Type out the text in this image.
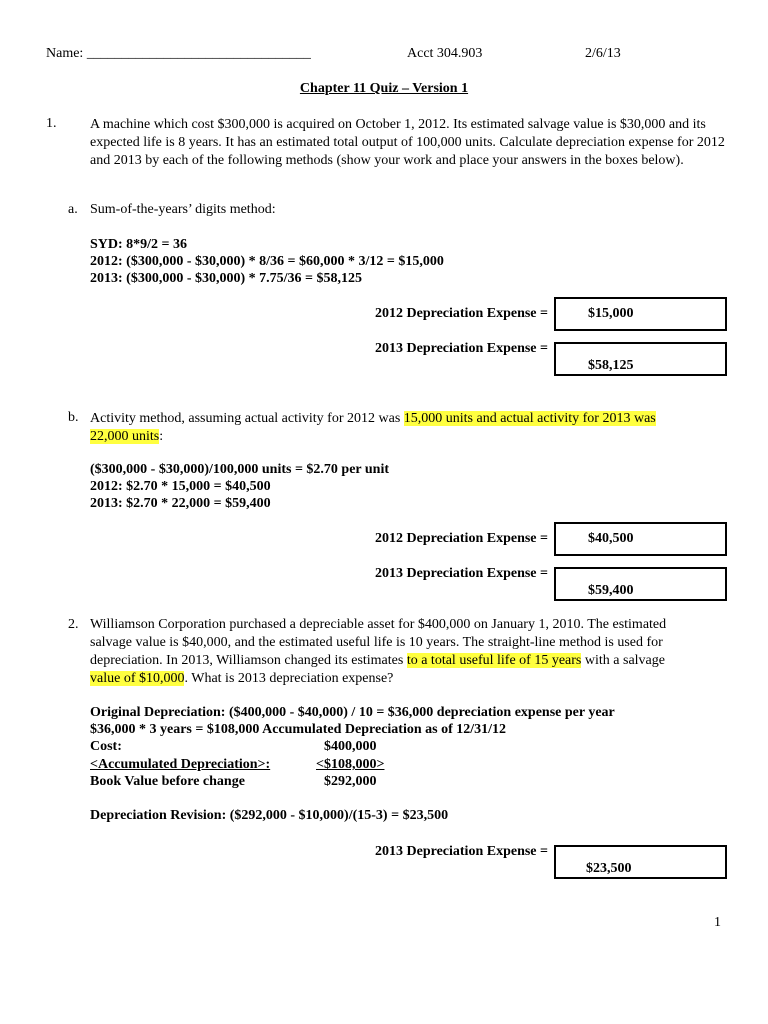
Name: ________________________________	Acct 304.903	2/6/13
Chapter 11 Quiz – Version 1
1. A machine which cost $300,000 is acquired on October 1, 2012. Its estimated salvage value is $30,000 and its expected life is 8 years. It has an estimated total output of 100,000 units. Calculate depreciation expense for 2012 and 2013 by each of the following methods (show your work and place your answers in the boxes below).
a. Sum-of-the-years’ digits method:
SYD: 8*9/2 = 36
2012: ($300,000 - $30,000) * 8/36 = $60,000 * 3/12 = $15,000
2013: ($300,000 - $30,000) * 7.75/36 = $58,125
2012 Depreciation Expense =	$15,000
2013 Depreciation Expense =
$58,125
b. Activity method, assuming actual activity for 2012 was 15,000 units and actual activity for 2013 was
22,000 units:
($300,000 - $30,000)/100,000 units = $2.70 per unit
2012: $2.70 * 15,000 = $40,500
2013: $2.70 * 22,000 = $59,400
2012 Depreciation Expense =	$40,500
2013 Depreciation Expense =
$59,400
2. Williamson Corporation purchased a depreciable asset for $400,000 on January 1, 2010. The estimated
salvage value is $40,000, and the estimated useful life is 10 years. The straight-line method is used for
depreciation. In 2013, Williamson changed its estimates to a total useful life of 15 years with a salvage
value of $10,000. What is 2013 depreciation expense?
Original Depreciation: ($400,000 - $40,000) / 10 = $36,000 depreciation expense per year
$36,000 * 3 years = $108,000 Accumulated Depreciation as of 12/31/12
Cost:	$400,000
<Accumulated Depreciation>:	<$108,000>
Book Value before change	$292,000
Depreciation Revision: ($292,000 - $10,000)/(15-3) = $23,500
2013 Depreciation Expense =
$23,500
1
